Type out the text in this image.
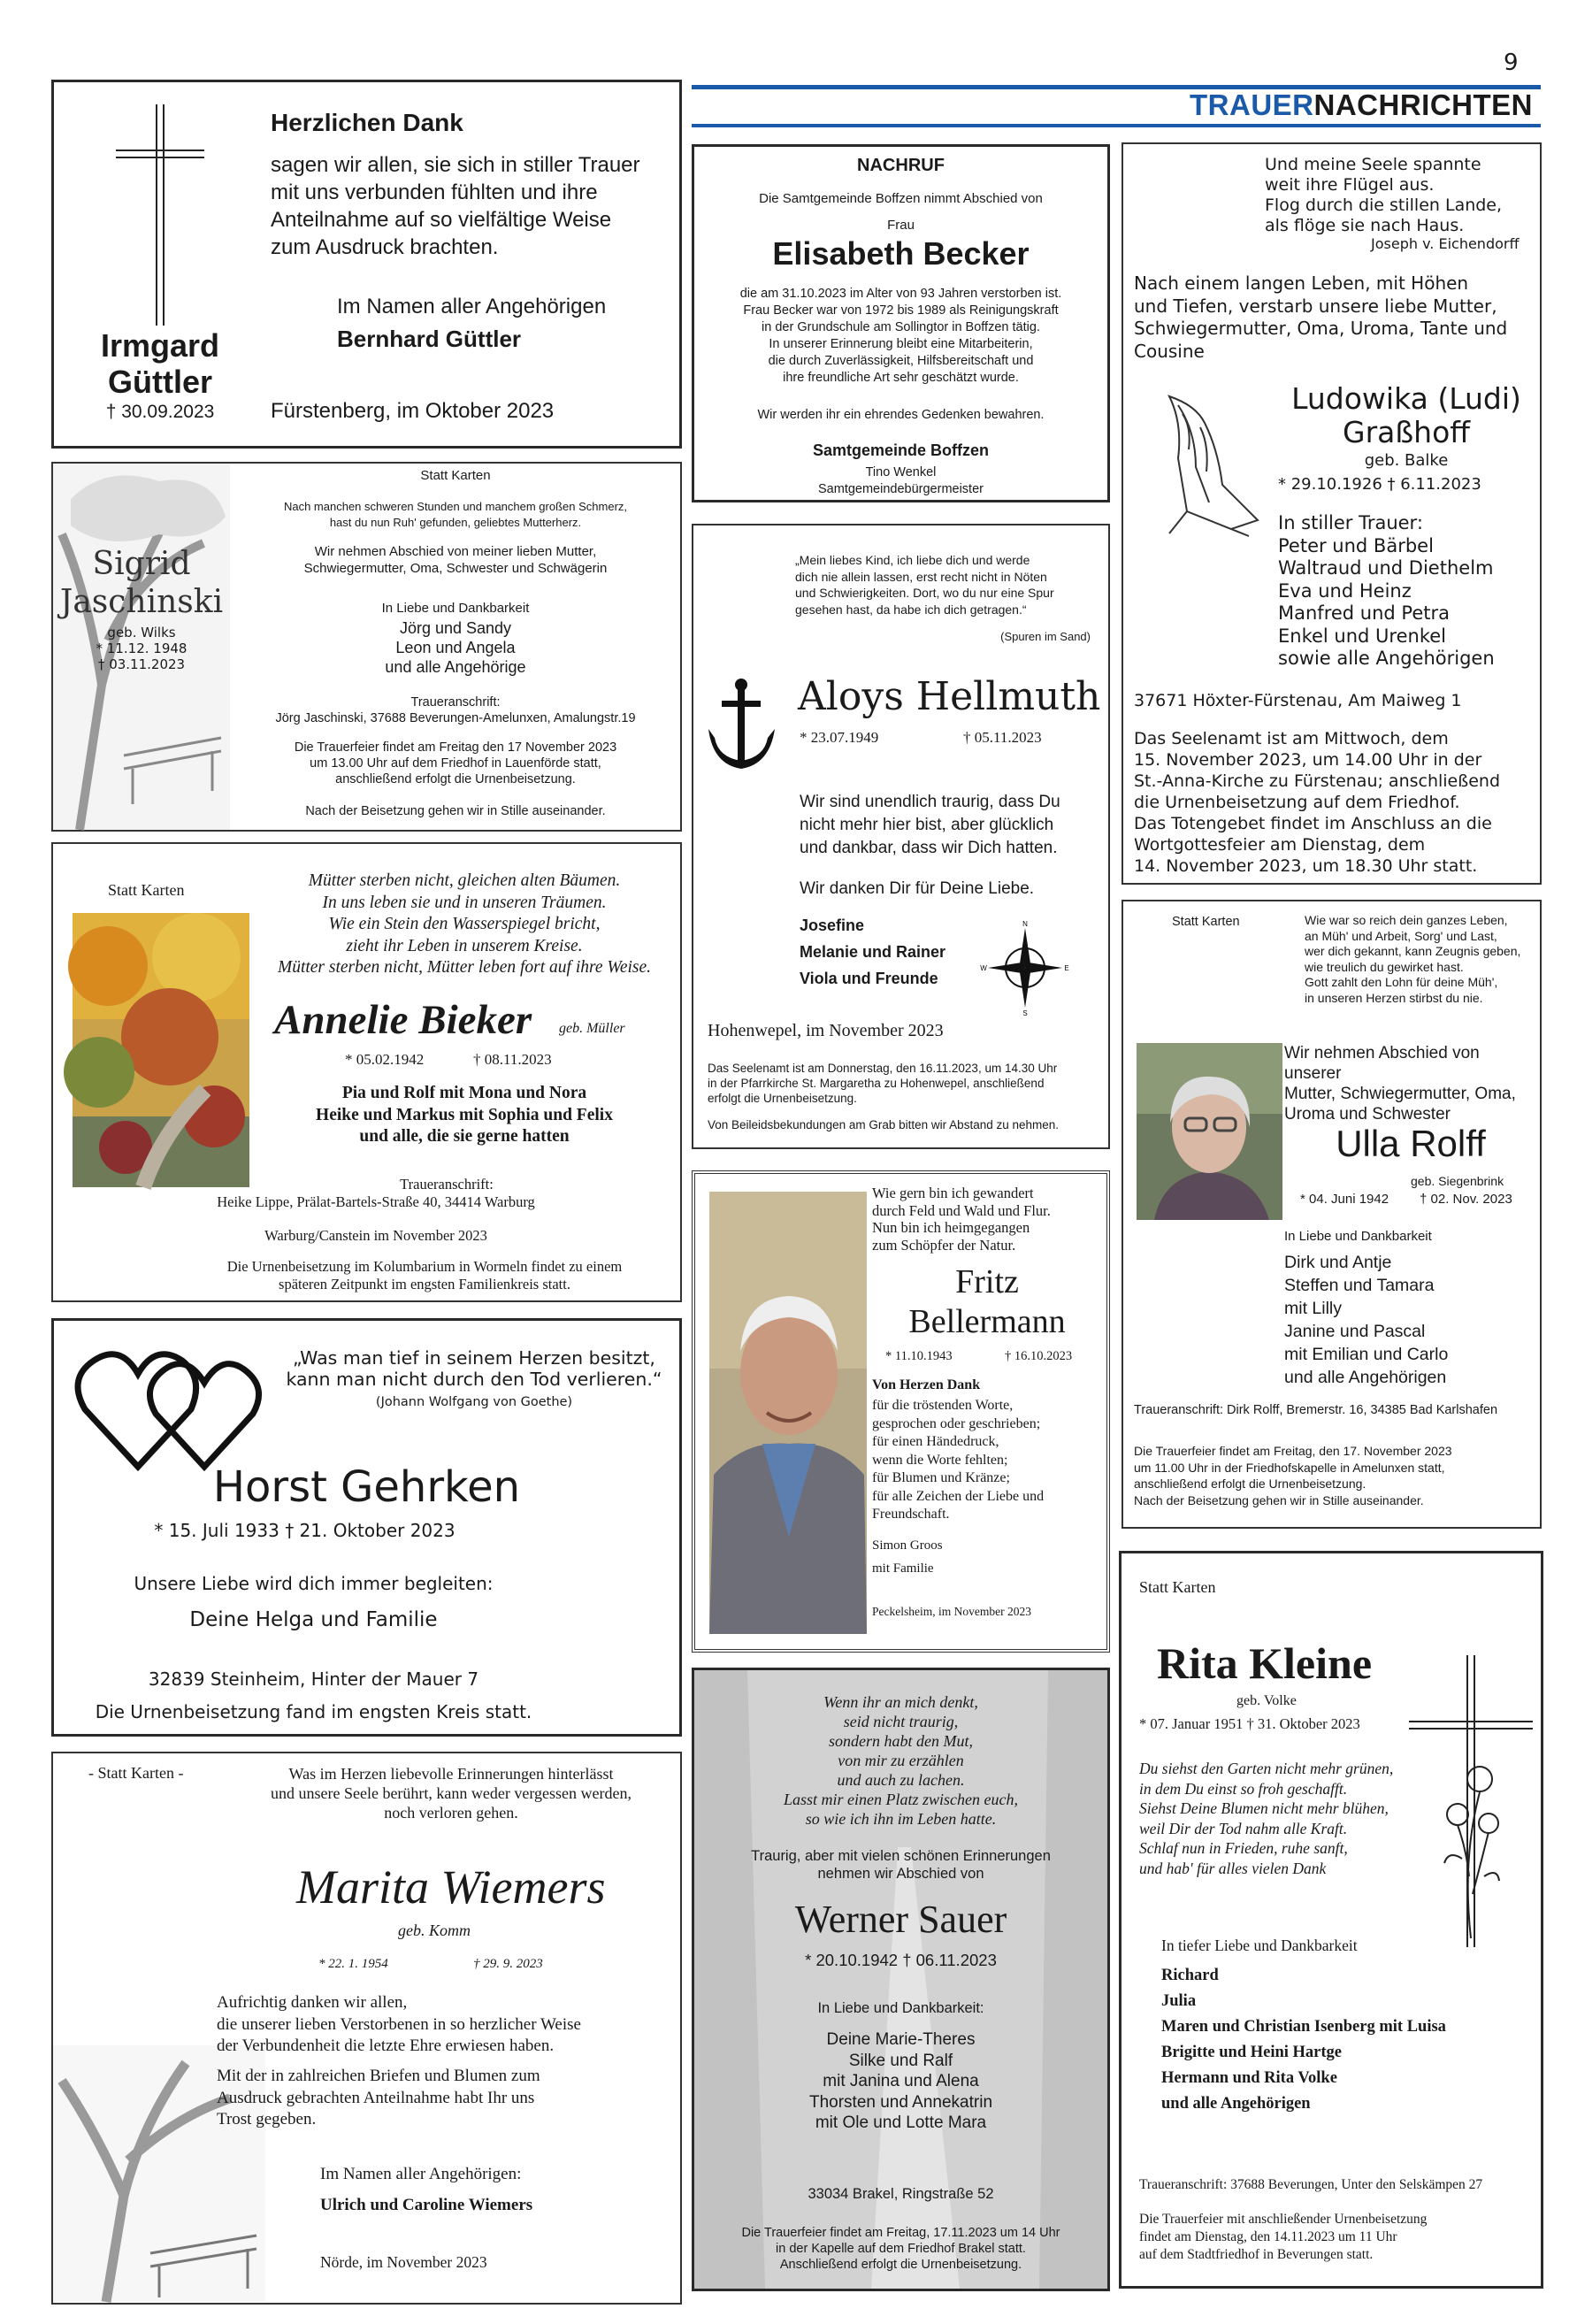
9
TRAUERNACHRICHTEN
Irmgard
Güttler
† 30.09.2023
Herzlichen Dank
sagen wir allen, sie sich in stiller Trauer
mit uns verbunden fühlten und ihre
Anteilnahme auf so vielfältige Weise
zum Ausdruck brachten.
Im Namen aller Angehörigen
Bernhard Güttler
Fürstenberg, im Oktober 2023
NACHRUF
Die Samtgemeinde Boffzen nimmt Abschied von
Frau
Elisabeth Becker
die am 31.10.2023 im Alter von 93 Jahren verstorben ist.
Frau Becker war von 1972 bis 1989 als Reinigungskraft
in der Grundschule am Sollingtor in Boffzen tätig.
In unserer Erinnerung bleibt eine Mitarbeiterin,
die durch Zuverlässigkeit, Hilfsbereitschaft und
ihre freundliche Art sehr geschätzt wurde.
Wir werden ihr ein ehrendes Gedenken bewahren.
Samtgemeinde Boffzen
Tino Wenkel
Samtgemeindebürgermeister
Und meine Seele spannte
weit ihre Flügel aus.
Flog durch die stillen Lande,
als flöge sie nach Haus.
Joseph v. Eichendorff
Nach einem langen Leben, mit Höhen
und Tiefen, verstarb unsere liebe Mutter,
Schwiegermutter, Oma, Uroma, Tante und
Cousine
Ludowika (Ludi)
Graßhoff
geb. Balke
* 29.10.1926 † 6.11.2023
In stiller Trauer:
Peter und Bärbel
Waltraud und Diethelm
Eva und Heinz
Manfred und Petra
Enkel und Urenkel
sowie alle Angehörigen
37671 Höxter-Fürstenau, Am Maiweg 1
Das Seelenamt ist am Mittwoch, dem
15. November 2023, um 14.00 Uhr in der
St.-Anna-Kirche zu Fürstenau; anschließend
die Urnenbeisetzung auf dem Friedhof.
Das Totengebet findet im Anschluss an die
Wortgottesfeier am Dienstag, dem
14. November 2023, um 18.30 Uhr statt.
Sigrid
Jaschinski
geb. Wilks
* 11.12. 1948
† 03.11.2023
Statt Karten
Nach manchen schweren Stunden und manchem großen Schmerz,
hast du nun Ruh' gefunden, geliebtes Mutterherz.
Wir nehmen Abschied von meiner lieben Mutter,
Schwiegermutter, Oma, Schwester und Schwägerin
In Liebe und Dankbarkeit
Jörg und Sandy
Leon und Angela
und alle Angehörige
Traueranschrift:
Jörg Jaschinski, 37688 Beverungen-Amelunxen, Amalungstr.19
Die Trauerfeier findet am Freitag den 17 November 2023
um 13.00 Uhr auf dem Friedhof in Lauenförde statt,
anschließend erfolgt die Urnenbeisetzung.
Nach der Beisetzung gehen wir in Stille auseinander.
„Mein liebes Kind, ich liebe dich und werde
dich nie allein lassen, erst recht nicht in Nöten
und Schwierigkeiten. Dort, wo du nur eine Spur
gesehen hast, da habe ich dich getragen.“
(Spuren im Sand)
Aloys Hellmuth
* 23.07.1949	† 05.11.2023
Wir sind unendlich traurig, dass Du
nicht mehr hier bist, aber glücklich
und dankbar, dass wir Dich hatten.
Wir danken Dir für Deine Liebe.
Josefine
Melanie und Rainer
Viola und Freunde
N
S
W	E
Hohenwepel, im November 2023
Das Seelenamt ist am Donnerstag, den 16.11.2023, um 14.30 Uhr
in der Pfarrkirche St. Margaretha zu Hohenwepel, anschließend
erfolgt die Urnenbeisetzung.
Von Beileidsbekundungen am Grab bitten wir Abstand zu nehmen.
Statt Karten	Mütter sterben nicht, gleichen alten Bäumen.
In uns leben sie und in unseren Träumen.
Wie ein Stein den Wasserspiegel bricht,
zieht ihr Leben in unserem Kreise.
Mütter sterben nicht, Mütter leben fort auf ihre Weise.
Annelie Bieker geb. Müller
* 05.02.1942	† 08.11.2023
Pia und Rolf mit Mona und Nora
Heike und Markus mit Sophia und Felix
und alle, die sie gerne hatten
Traueranschrift:
Heike Lippe, Prälat-Bartels-Straße 40, 34414 Warburg
Warburg/Canstein im November 2023
Die Urnenbeisetzung im Kolumbarium in Wormeln findet zu einem
späteren Zeitpunkt im engsten Familienkreis statt.
Statt Karten	Wie war so reich dein ganzes Leben,
an Müh' und Arbeit, Sorg' und Last,
wer dich gekannt, kann Zeugnis geben,
wie treulich du gewirket hast.
Gott zahlt den Lohn für deine Müh',
in unseren Herzen stirbst du nie.
Wir nehmen Abschied von unserer
Mutter, Schwiegermutter, Oma,
Uroma und Schwester
Ulla Rolff
geb. Siegenbrink
* 04. Juni 1942 † 02. Nov. 2023
In Liebe und Dankbarkeit
Dirk und Antje
Steffen und Tamara
mit Lilly
Janine und Pascal
mit Emilian und Carlo
und alle Angehörigen
Traueranschrift: Dirk Rolff, Bremerstr. 16, 34385 Bad Karlshafen
Die Trauerfeier findet am Freitag, den 17. November 2023
um 11.00 Uhr in der Friedhofskapelle in Amelunxen statt,
anschließend erfolgt die Urnenbeisetzung.
Nach der Beisetzung gehen wir in Stille auseinander.
Wie gern bin ich gewandert
durch Feld und Wald und Flur.
Nun bin ich heimgegangen
zum Schöpfer der Natur.
Fritz
Bellermann
* 11.10.1943	† 16.10.2023
Von Herzen Dank
für die tröstenden Worte,
gesprochen oder geschrieben;
für einen Händedruck,
wenn die Worte fehlten;
für Blumen und Kränze;
für alle Zeichen der Liebe und
Freundschaft.
Simon Groos
mit Familie
Peckelsheim, im November 2023
„Was man tief in seinem Herzen besitzt,
kann man nicht durch den Tod verlieren.“
(Johann Wolfgang von Goethe)
Horst Gehrken
* 15. Juli 1933 † 21. Oktober 2023
Unsere Liebe wird dich immer begleiten:
Deine Helga und Familie
32839 Steinheim, Hinter der Mauer 7
Die Urnenbeisetzung fand im engsten Kreis statt.
Statt Karten
Rita Kleine
geb. Volke
* 07. Januar 1951 † 31. Oktober 2023
Du siehst den Garten nicht mehr grünen,
in dem Du einst so froh geschafft.
Siehst Deine Blumen nicht mehr blühen,
weil Dir der Tod nahm alle Kraft.
Schlaf nun in Frieden, ruhe sanft,
und hab' für alles vielen Dank
In tiefer Liebe und Dankbarkeit
Richard
Julia
Maren und Christian Isenberg mit Luisa
Brigitte und Heini Hartge
Hermann und Rita Volke
und alle Angehörigen
Traueranschrift: 37688 Beverungen, Unter den Selskämpen 27
Die Trauerfeier mit anschließender Urnenbeisetzung
findet am Dienstag, den 14.11.2023 um 11 Uhr
auf dem Stadtfriedhof in Beverungen statt.
- Statt Karten -	Was im Herzen liebevolle Erinnerungen hinterlässt
und unsere Seele berührt, kann weder vergessen werden,
noch verloren gehen.
Marita Wiemers
geb. Komm
* 22. 1. 1954	† 29. 9. 2023
Aufrichtig danken wir allen,
die unserer lieben Verstorbenen in so herzlicher Weise
der Verbundenheit die letzte Ehre erwiesen haben.
Mit der in zahlreichen Briefen und Blumen zum
Ausdruck gebrachten Anteilnahme habt Ihr uns
Trost gegeben.
Im Namen aller Angehörigen:
Ulrich und Caroline Wiemers
Nörde, im November 2023
Wenn ihr an mich denkt,
seid nicht traurig,
sondern habt den Mut,
von mir zu erzählen
und auch zu lachen.
Lasst mir einen Platz zwischen euch,
so wie ich ihn im Leben hatte.
Traurig, aber mit vielen schönen Erinnerungen
nehmen wir Abschied von
Werner Sauer
* 20.10.1942 † 06.11.2023
In Liebe und Dankbarkeit:
Deine Marie-Theres
Silke und Ralf
mit Janina und Alena
Thorsten und Annekatrin
mit Ole und Lotte Mara
33034 Brakel, Ringstraße 52
Die Trauerfeier findet am Freitag, 17.11.2023 um 14 Uhr
in der Kapelle auf dem Friedhof Brakel statt.
Anschließend erfolgt die Urnenbeisetzung.
